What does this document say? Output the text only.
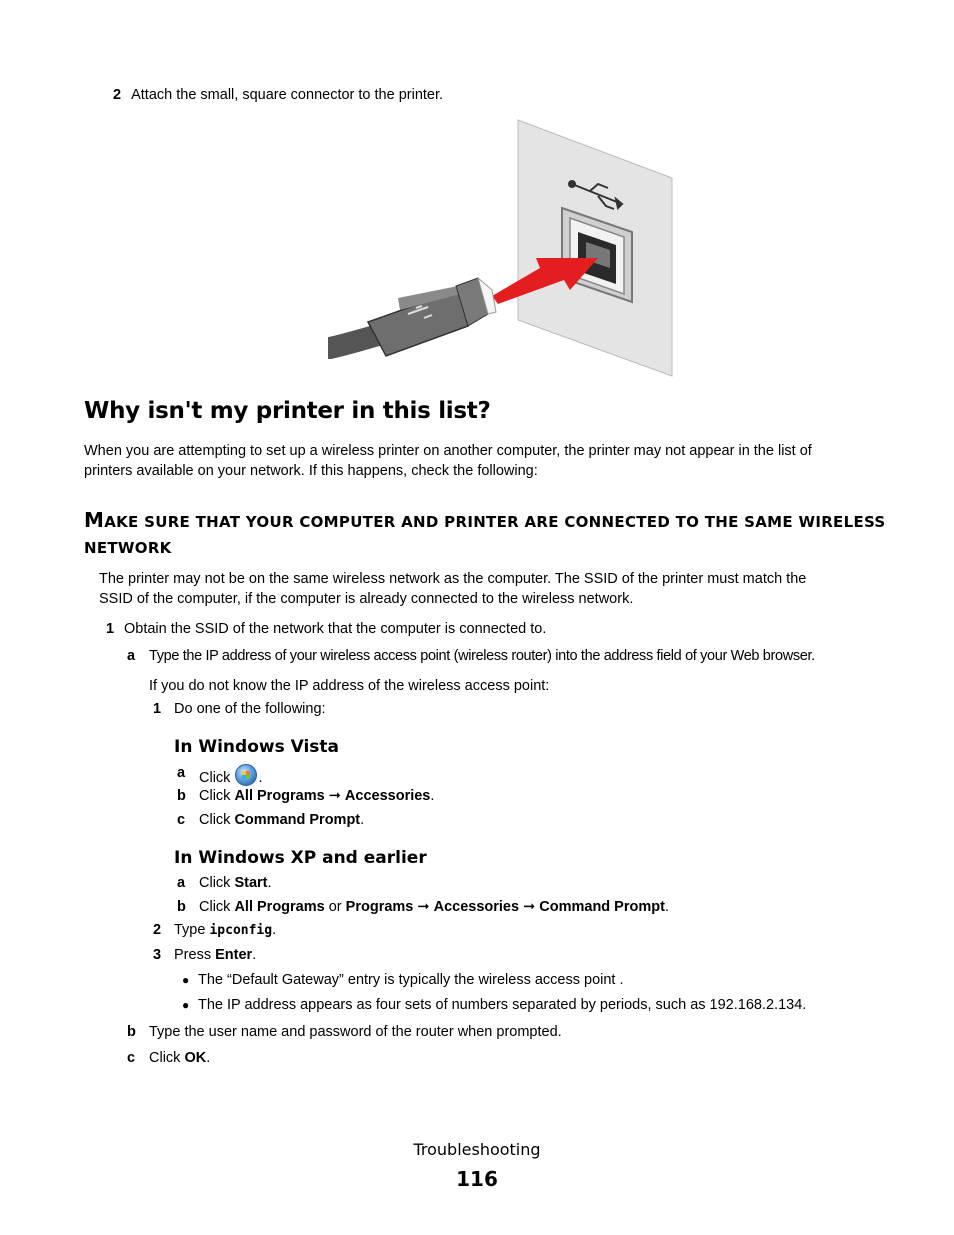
2 Attach the small, square connector to the printer.
Why isn't my printer in this list?
When you are attempting to set up a wireless printer on another computer, the printer may not appear in the list of
printers available on your network. If this happens, check the following:
MAKE SURE THAT YOUR COMPUTER AND PRINTER ARE CONNECTED TO THE SAME WIRELESS
NETWORK
The printer may not be on the same wireless network as the computer. The SSID of the printer must match the
SSID of the computer, if the computer is already connected to the wireless network.
1 Obtain the SSID of the network that the computer is connected to.
a Type the IP address of your wireless access point (wireless router) into the address field of your Web browser.
If you do not know the IP address of the wireless access point:
1 Do one of the following:
In Windows Vista
a Click .
b Click All Programs ➞ Accessories.
c Click Command Prompt.
In Windows XP and earlier
a Click Start.
b Click All Programs or Programs ➞ Accessories ➞ Command Prompt.
2 Type ipconfig.
3 Press Enter.
● The “Default Gateway” entry is typically the wireless access point .
● The IP address appears as four sets of numbers separated by periods, such as 192.168.2.134.
b Type the user name and password of the router when prompted.
c Click OK.
Troubleshooting
116
